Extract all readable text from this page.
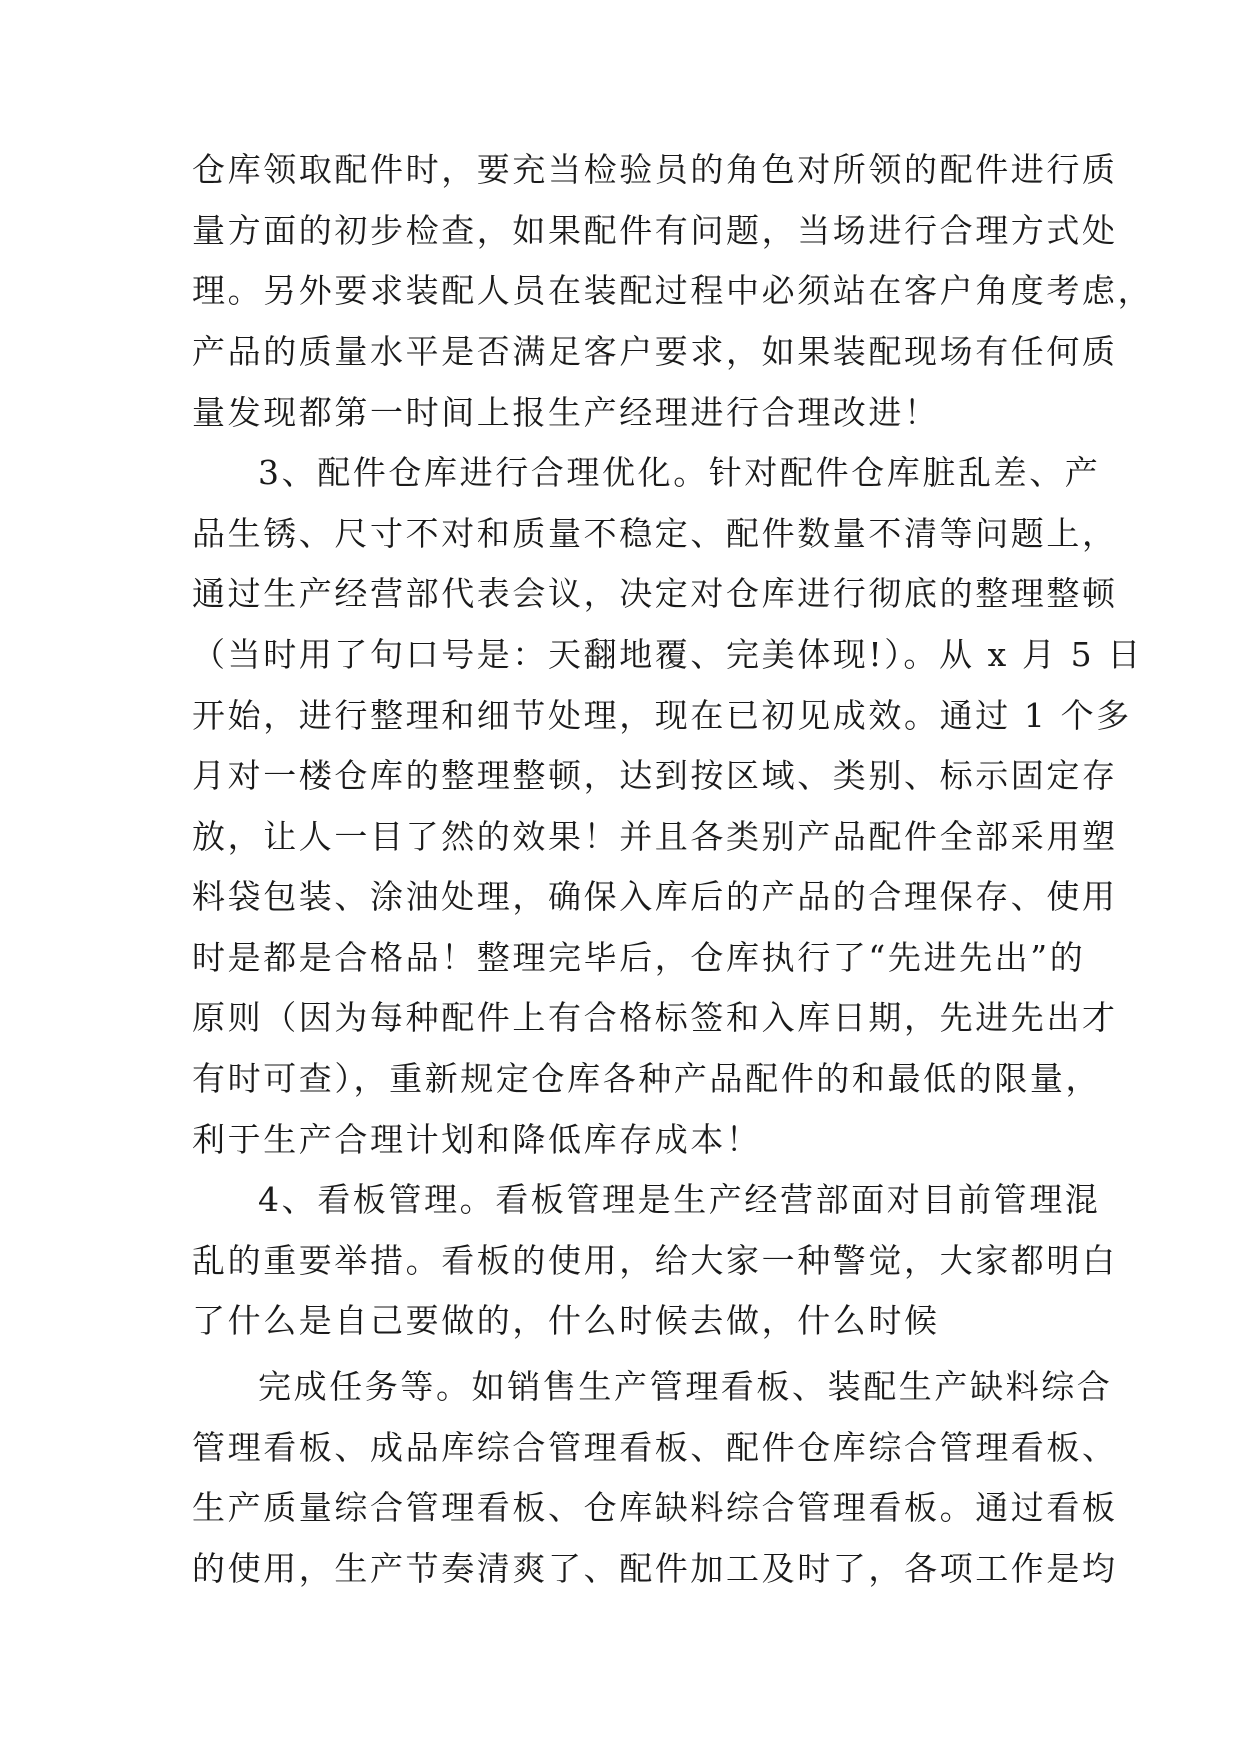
仓库领取配件时，要充当检验员的角色对所领的配件进行质
量方面的初步检查，如果配件有问题，当场进行合理方式处
理。另外要求装配人员在装配过程中必须站在客户角度考虑，
产品的质量水平是否满足客户要求，如果装配现场有任何质
量发现都第一时间上报生产经理进行合理改进！
3、配件仓库进行合理优化。针对配件仓库脏乱差、产
品生锈、尺寸不对和质量不稳定、配件数量不清等问题上，
通过生产经营部代表会议，决定对仓库进行彻底的整理整顿
（当时用了句口号是：天翻地覆、完美体现!）。从 x 月 5 日
开始，进行整理和细节处理，现在已初见成效。通过 1 个多
月对一楼仓库的整理整顿，达到按区域、类别、标示固定存
放，让人一目了然的效果！并且各类别产品配件全部采用塑
料袋包装、涂油处理，确保入库后的产品的合理保存、使用
时是都是合格品！整理完毕后，仓库执行了“先进先出”的
原则（因为每种配件上有合格标签和入库日期，先进先出才
有时可查），重新规定仓库各种产品配件的和最低的限量，
利于生产合理计划和降低库存成本！
4、看板管理。看板管理是生产经营部面对目前管理混
乱的重要举措。看板的使用，给大家一种警觉，大家都明白
了什么是自己要做的，什么时候去做，什么时候
完成任务等。如销售生产管理看板、装配生产缺料综合
管理看板、成品库综合管理看板、配件仓库综合管理看板、
生产质量综合管理看板、仓库缺料综合管理看板。通过看板
的使用，生产节奏清爽了、配件加工及时了，各项工作是均
